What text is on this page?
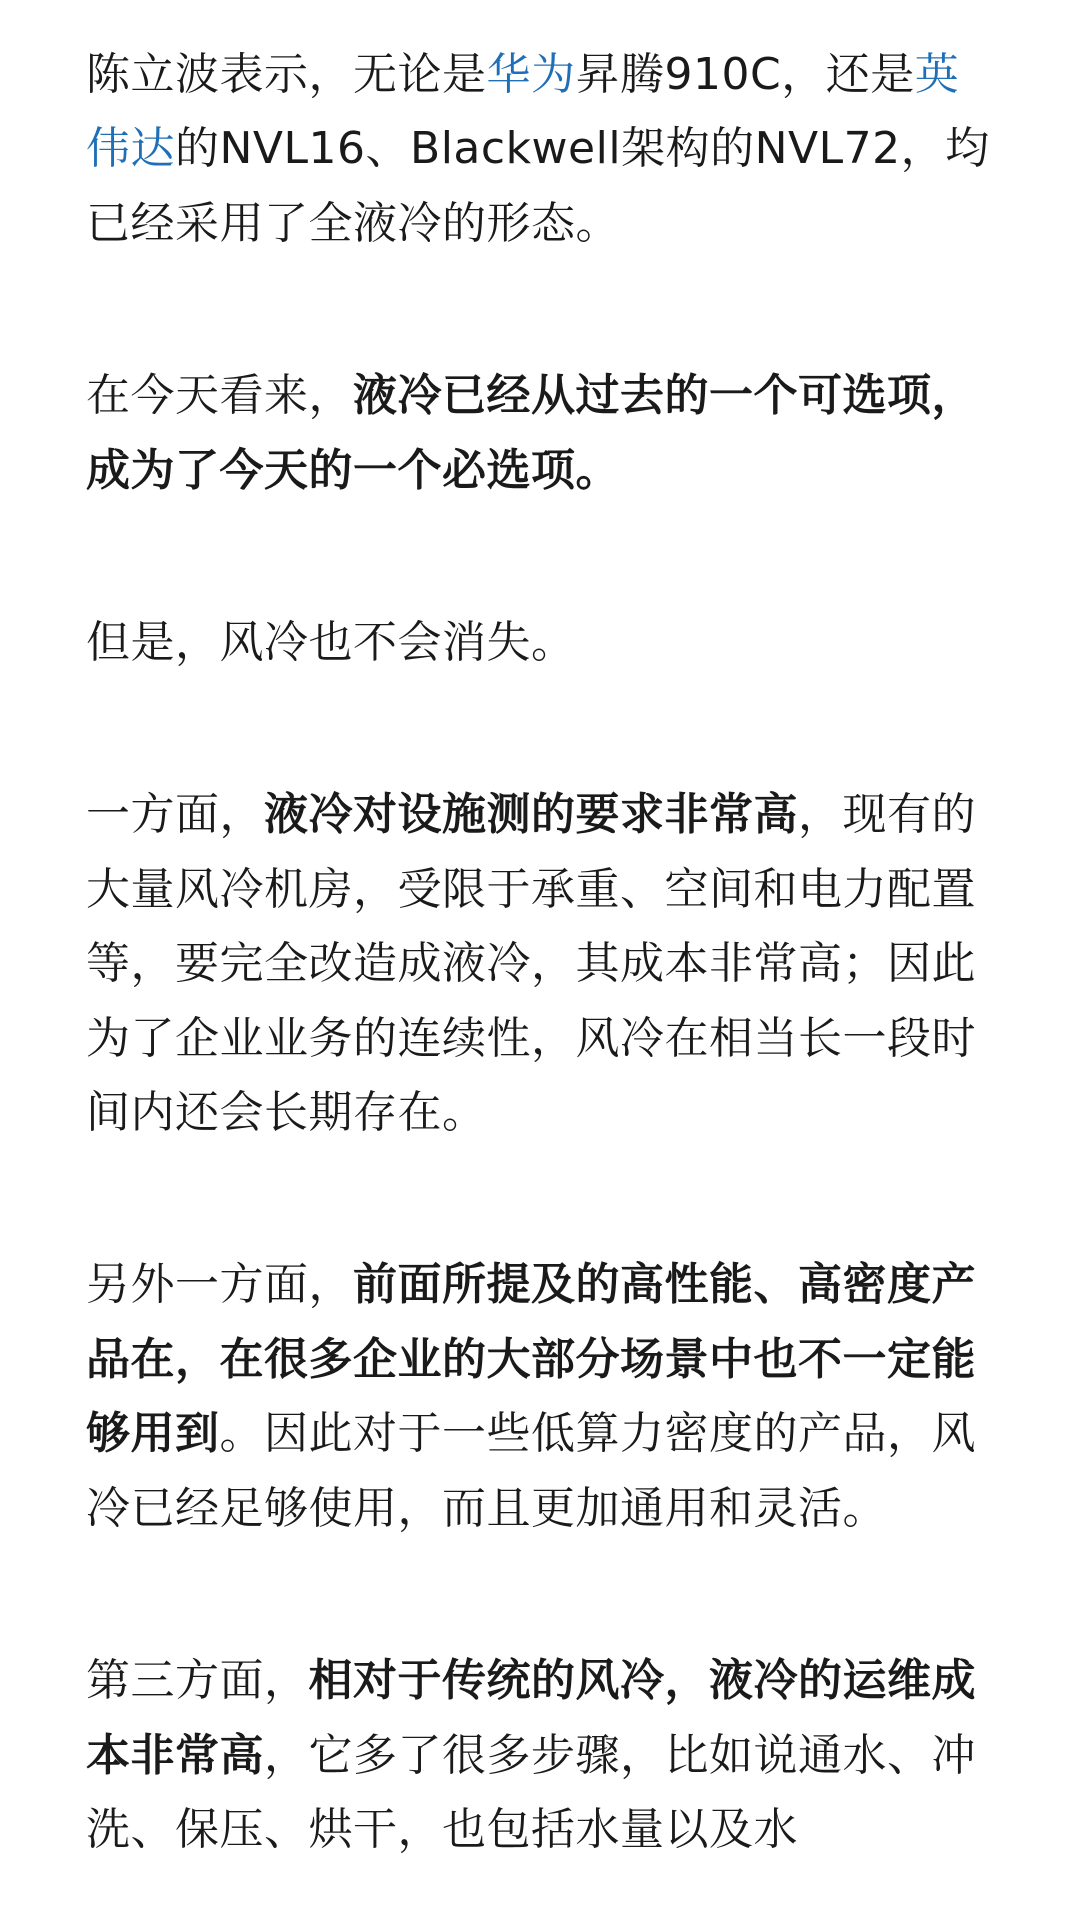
陈立波表示，无论是华为昇腾910C，还是英伟达的NVL16、Blackwell架构的NVL72，均已经采用了全液冷的形态。

在今天看来，液冷已经从过去的一个可选项，成为了今天的一个必选项。

但是，风冷也不会消失。

一方面，液冷对设施测的要求非常高，现有的大量风冷机房，受限于承重、空间和电力配置等，要完全改造成液冷，其成本非常高；因此为了企业业务的连续性，风冷在相当长一段时间内还会长期存在。

另外一方面，前面所提及的高性能、高密度产品在，在很多企业的大部分场景中也不一定能够用到。因此对于一些低算力密度的产品，风冷已经足够使用，而且更加通用和灵活。

第三方面，相对于传统的风冷，液冷的运维成本非常高，它多了很多步骤，比如说通水、冲洗、保压、烘干，也包括水量以及水
